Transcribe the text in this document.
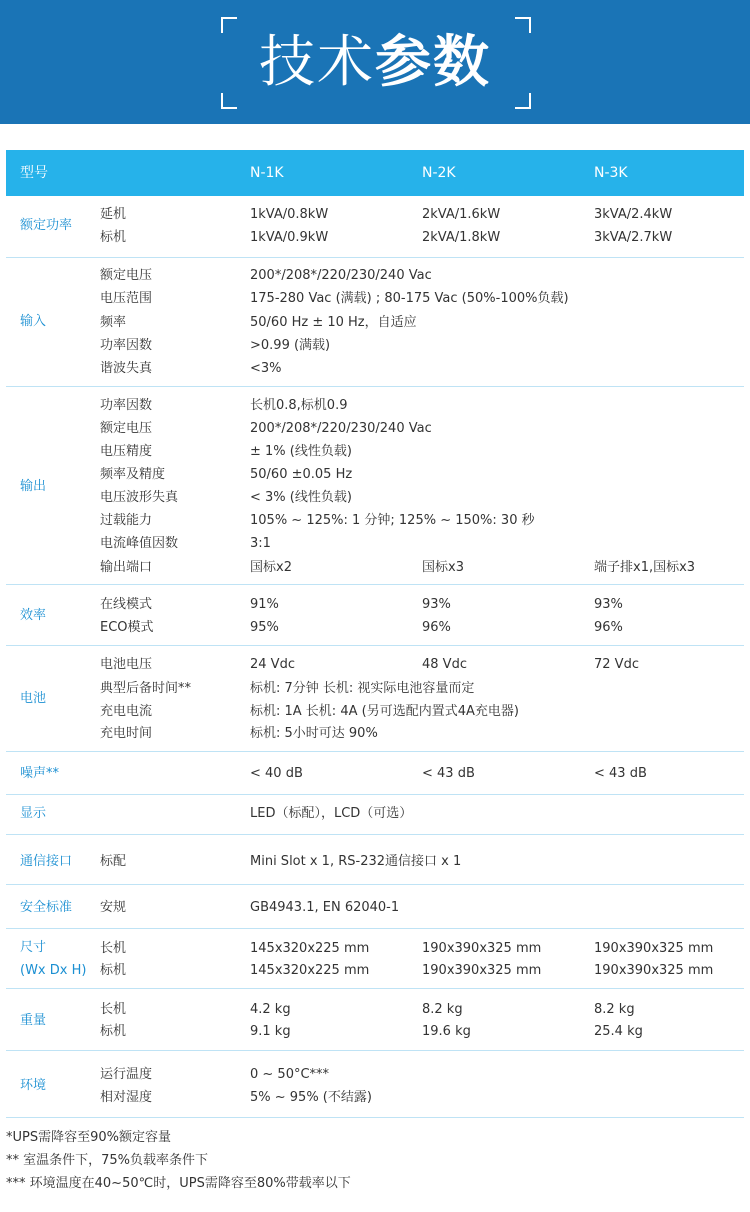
技术参数
型号	N-1K	N-2K	N-3K
额定功率
延机	1kVA/0.8kW	2kVA/1.6kW	3kVA/2.4kW
标机	1kVA/0.9kW	2kVA/1.8kW	3kVA/2.7kW
输入
额定电压	200*/208*/220/230/240 Vac
电压范围	175-280 Vac (满载) ; 80-175 Vac (50%-100%负载)
频率	50/60 Hz ± 10 Hz，自适应
功率因数	>0.99 (满载)
谐波失真	<3%
输出
功率因数	长机0.8,标机0.9
额定电压	200*/208*/220/230/240 Vac
电压精度	± 1% (线性负载)
频率及精度	50/60 ±0.05 Hz
电压波形失真	< 3% (线性负载)
过载能力	105% ~ 125%: 1 分钟; 125% ~ 150%: 30 秒
电流峰值因数	3:1
输出端口	国标x2	国标x3	端子排x1,国标x3
效率
在线模式	91%	93%	93%
ECO模式	95%	96%	96%
电池
电池电压	24 Vdc	48 Vdc	72 Vdc
典型后备时间**	标机: 7分钟 长机: 视实际电池容量而定
充电电流	标机: 1A 长机: 4A (另可选配内置式4A充电器)
充电时间	标机: 5小时可达 90%
噪声**	< 40 dB	< 43 dB	< 43 dB
显示	LED（标配），LCD（可选）
通信接口 标配	Mini Slot x 1, RS-232通信接口 x 1
安全标准 安规	GB4943.1, EN 62040-1
尺寸
(Wx Dx H)
长机	145x320x225 mm	190x390x325 mm	190x390x325 mm
标机	145x320x225 mm	190x390x325 mm	190x390x325 mm
重量
长机	4.2 kg	8.2 kg	8.2 kg
标机	9.1 kg	19.6 kg	25.4 kg
环境
运行温度	0 ~ 50°C***
相对湿度	5% ~ 95% (不结露)
*UPS需降容至90%额定容量
** 室温条件下，75%负载率条件下
*** 环境温度在40~50℃时，UPS需降容至80%带载率以下
